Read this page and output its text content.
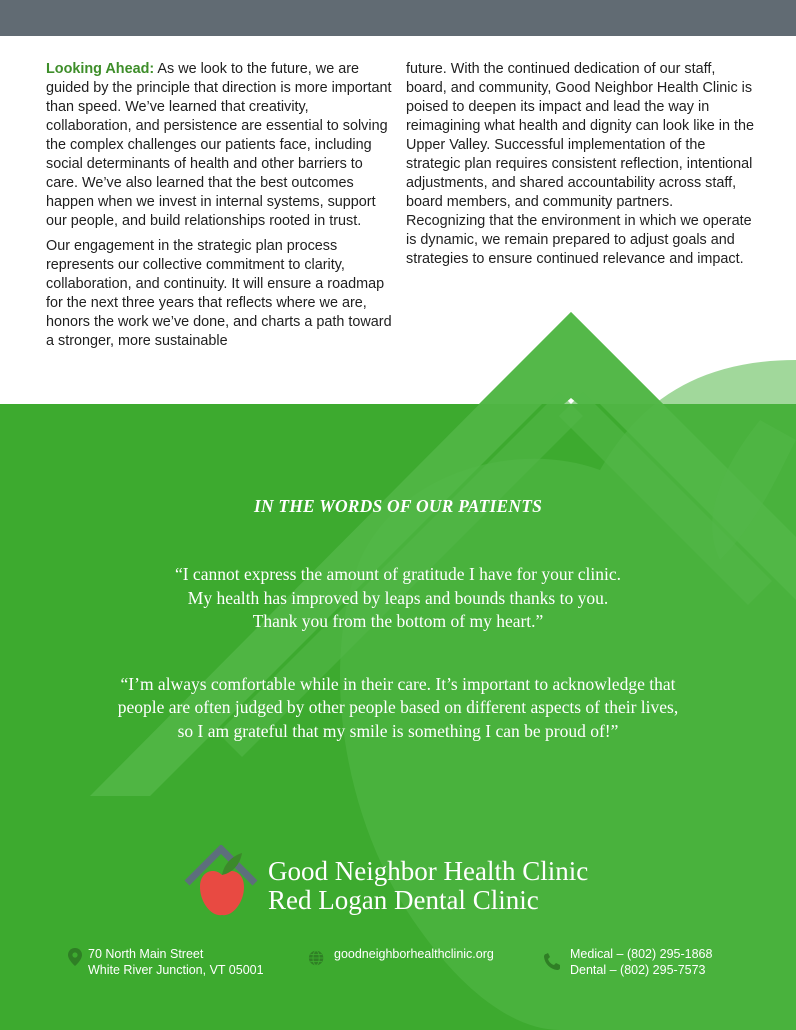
Looking Ahead: As we look to the future, we are guided by the principle that direction is more important than speed. We’ve learned that creativity, collaboration, and persistence are essential to solving the complex challenges our patients face, including social determinants of health and other barriers to care. We’ve also learned that the best outcomes happen when we invest in internal systems, support our people, and build relationships rooted in trust.

Our engagement in the strategic plan process represents our collective commitment to clarity, collaboration, and continuity. It will ensure a roadmap for the next three years that reflects where we are, honors the work we’ve done, and charts a path toward a stronger, more sustainable

future. With the continued dedication of our staff, board, and community, Good Neighbor Health Clinic is poised to deepen its impact and lead the way in reimagining what health and dignity can look like in the Upper Valley. Successful implementation of the strategic plan requires consistent reflection, intentional adjustments, and shared accountability across staff, board members, and community partners. Recognizing that the environment in which we operate is dynamic, we remain prepared to adjust goals and strategies to ensure continued relevance and impact.

IN THE WORDS OF OUR PATIENTS
“I cannot express the amount of gratitude I have for your clinic.
My health has improved by leaps and bounds thanks to you.
Thank you from the bottom of my heart.”
“I’m always comfortable while in their care. It’s important to acknowledge that
people are often judged by other people based on different aspects of their lives,
so I am grateful that my smile is something I can be proud of!”
Good Neighbor Health Clinic
Red Logan Dental Clinic
70 North Main Street
White River Junction, VT 05001
goodneighborhealthclinic.org	Medical – (802) 295-1868
Dental – (802) 295-7573
